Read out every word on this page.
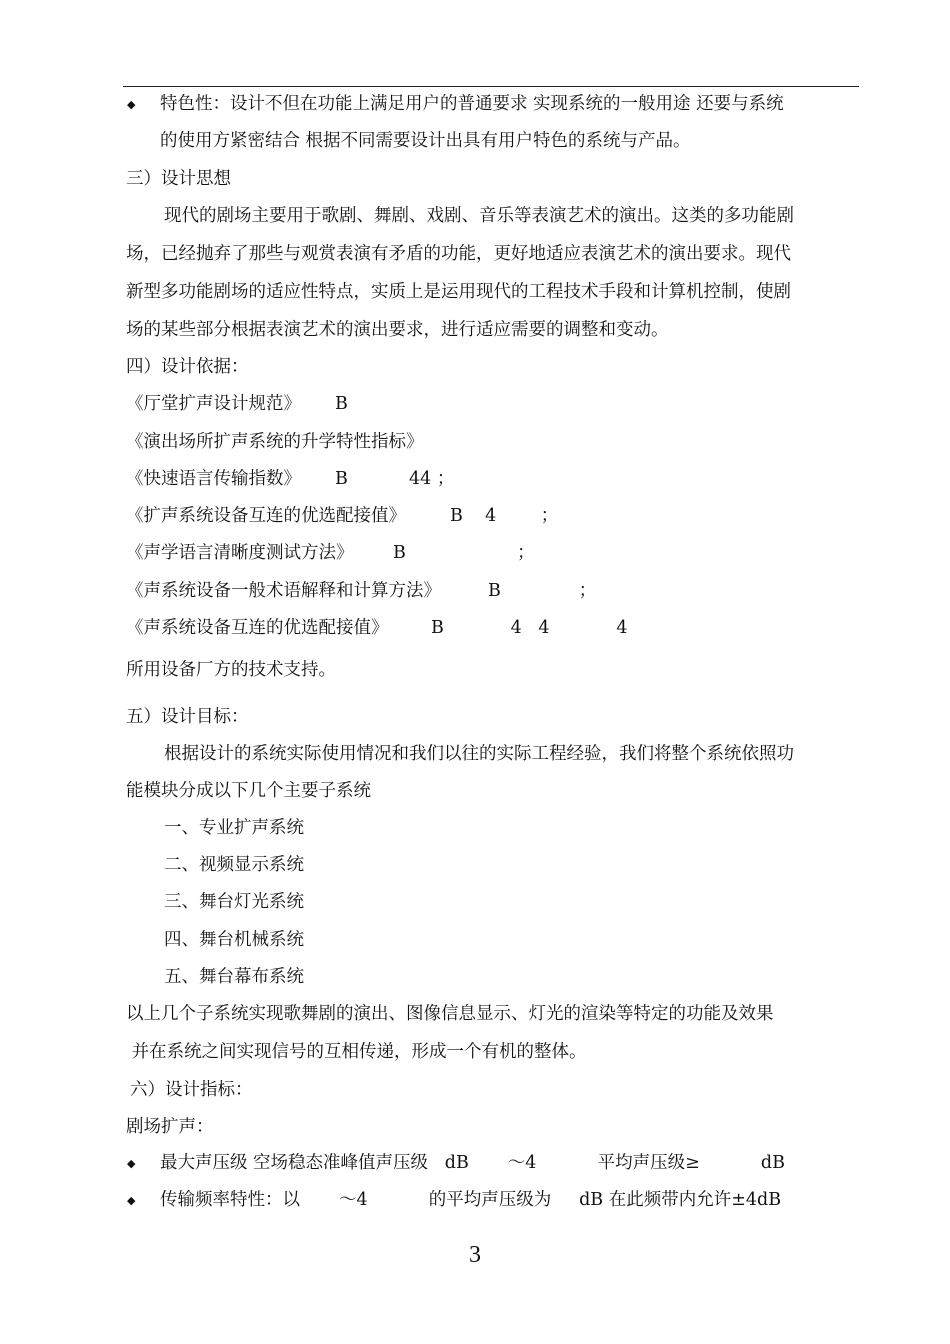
◆ 特色性：设计不但在功能上满足用户的普通要求 实现系统的一般用途 还要与系统
的使用方紧密结合 根据不同需要设计出具有用户特色的系统与产品。
三）设计思想
现代的剧场主要用于歌剧、舞剧、戏剧、音乐等表演艺术的演出。这类的多功能剧
场，已经抛弃了那些与观赏表演有矛盾的功能，更好地适应表演艺术的演出要求。现代
新型多功能剧场的适应性特点，实质上是运用现代的工程技术手段和计算机控制，使剧
场的某些部分根据表演艺术的演出要求，进行适应需要的调整和变动。
四）设计依据：
《厅堂扩声设计规范》 B
《演出场所扩声系统的升学特性指标》
《快速语言传输指数》 B           44 ；
《扩声系统设备互连的优选配接值》	B    4        ；
《声学语言清晰度测试方法》 B                    ；
《声系统设备一般术语解释和计算方法》	B              ；
《声系统设备互连的优选配接值》 B            4   4            4
所用设备厂方的技术支持。
五）设计目标：
根据设计的系统实际使用情况和我们以往的实际工程经验，我们将整个系统依照功
能模块分成以下几个主要子系统
一、专业扩声系统
二、视频显示系统
三、舞台灯光系统
四、舞台机械系统
五、舞台幕布系统
以上几个子系统实现歌舞剧的演出、图像信息显示、灯光的渲染等特定的功能及效果
并在系统之间实现信号的互相传递，形成一个有机的整体。
六）设计指标：
剧场扩声：
◆ 最大声压级 空场稳态准峰值声压级   dB       ～4           平均声压级≥           dB
◆ 传输频率特性：以       ～4           的平均声压级为     dB 在此频带内允许±4dB
3
